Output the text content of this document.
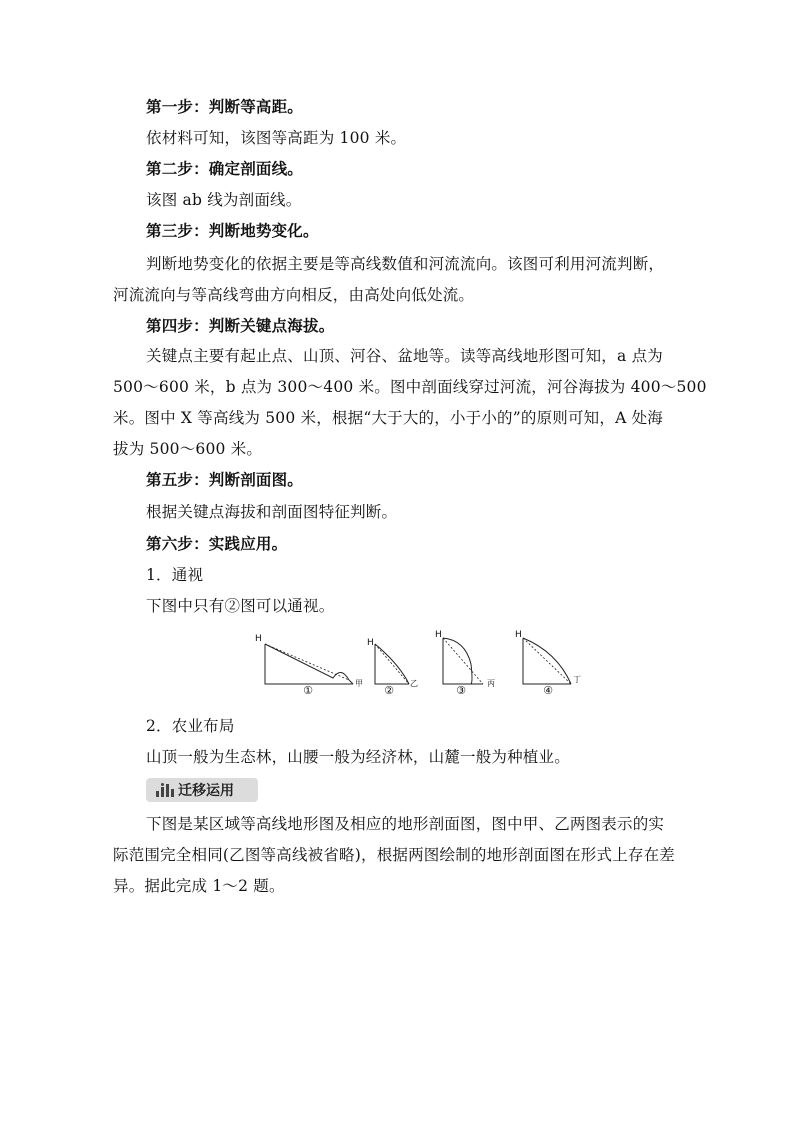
第一步：判断等高距。
依材料可知，该图等高距为 100 米。
第二步：确定剖面线。
该图 ab 线为剖面线。
第三步：判断地势变化。
判断地势变化的依据主要是等高线数值和河流流向。该图可利用河流判断，
河流流向与等高线弯曲方向相反，由高处向低处流。
第四步：判断关键点海拔。
关键点主要有起止点、山顶、河谷、盆地等。读等高线地形图可知，a 点为
500～600 米，b 点为 300～400 米。图中剖面线穿过河流，河谷海拔为 400～500
米。图中 X 等高线为 500 米，根据“大于大的，小于小的”的原则可知，A 处海
拔为 500～600 米。
第五步：判断剖面图。
根据关键点海拔和剖面图特征判断。
第六步：实践应用。
1．通视
下图中只有②图可以通视。
H
甲
①
H
乙
②
H
丙
③
H
丁
④
2．农业布局
山顶一般为生态林，山腰一般为经济林，山麓一般为种植业。
迁移运用
下图是某区域等高线地形图及相应的地形剖面图，图中甲、乙两图表示的实
际范围完全相同(乙图等高线被省略)，根据两图绘制的地形剖面图在形式上存在差
异。据此完成 1～2 题。
